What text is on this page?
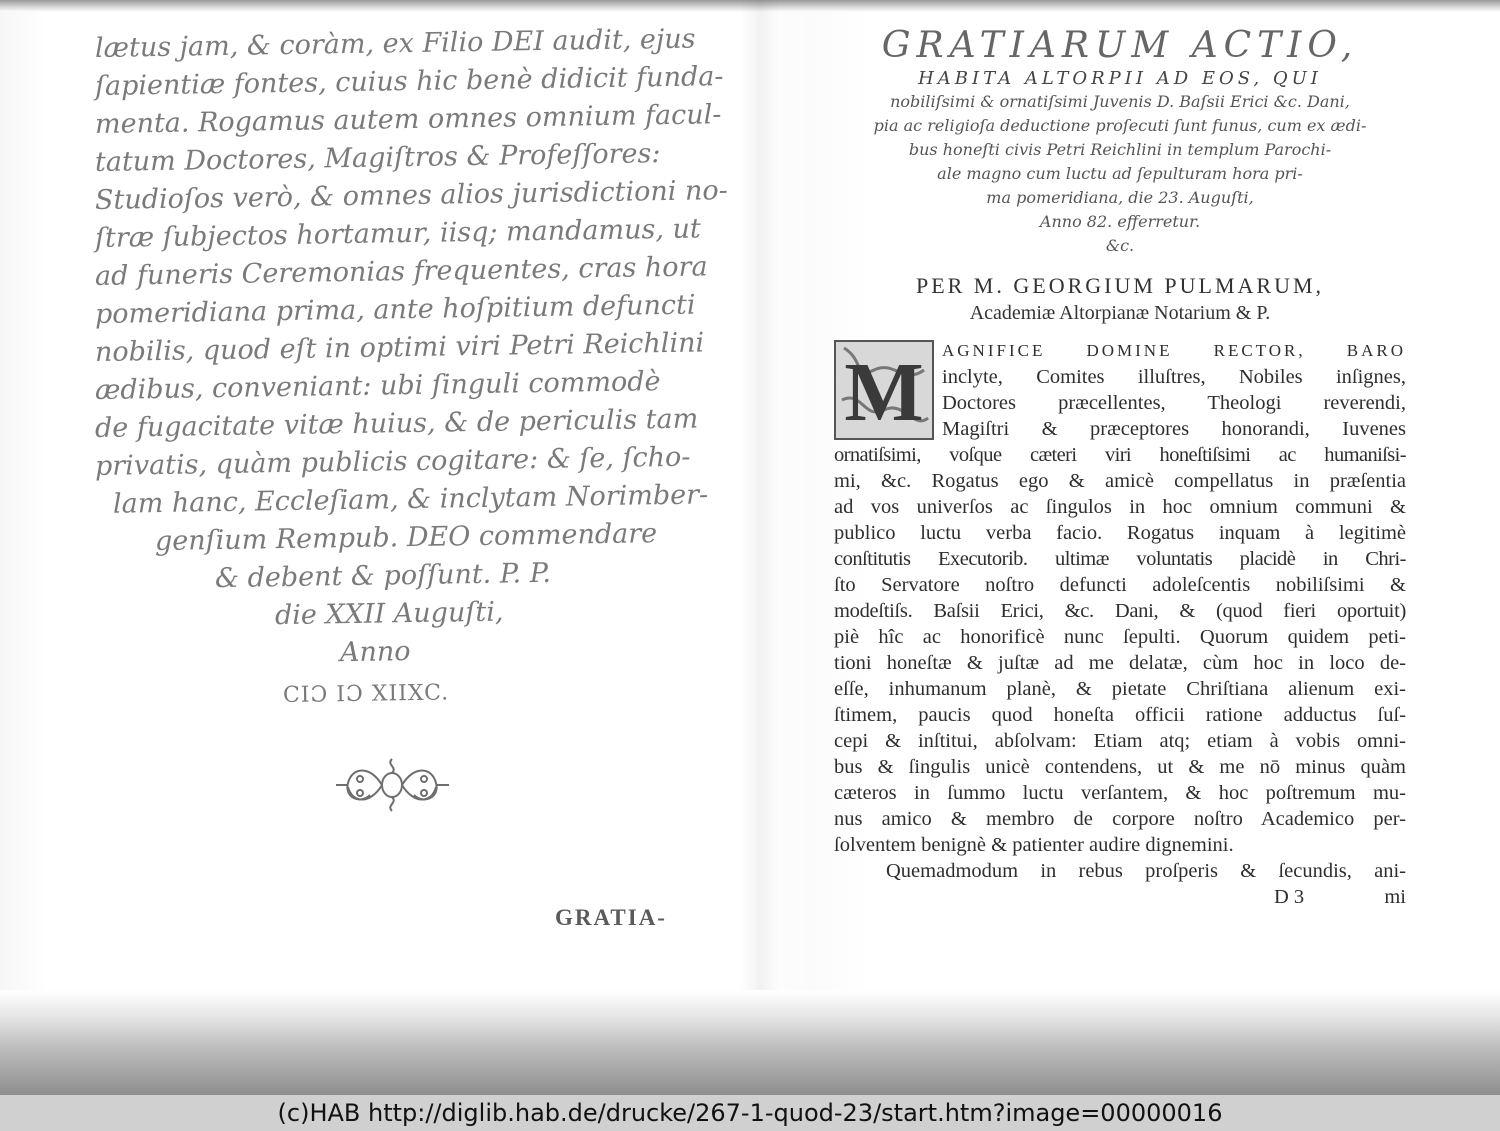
lætus jam, & coràm, ex Filio DEI audit, ejus
ſapientiæ fontes, cuius hic benè didicit funda-
menta. Rogamus autem omnes omnium facul-
tatum Doctores, Magiſtros & Profeſſores:
Studioſos verò, & omnes alios jurisdictioni no-
ſtræ ſubjectos hortamur, iisq; mandamus, ut
ad funeris Ceremonias frequentes, cras hora
pomeridiana prima, ante hoſpitium defuncti
nobilis, quod eſt in optimi viri Petri Reichlini
ædibus, conveniant: ubi ſinguli commodè
de fugacitate vitæ huius, & de periculis tam
privatis, quàm publicis cogitare: & ſe, ſcho-
lam hanc, Eccleſiam, & inclytam Norimber-
genſium Rempub. DEO commendare
& debent & poſſunt. P. P.
die XXII Auguſti,
Anno
CIƆ IƆ XIIXC.
GRATIA-
GRATIARUM ACTIO,
HABITA ALTORPII AD EOS, QUI
nobiliſsimi & ornatiſsimi Juvenis D. Baſsii Erici &c. Dani,
pia ac religioſa deductione proſecuti ſunt funus, cum ex ædi-
bus honeſti civis Petri Reichlini in templum Parochi-
ale magno cum luctu ad ſepulturam hora pri-
ma pomeridiana, die 23. Auguſti,
Anno 82. efferretur.
&c.
PER M. GEORGIUM PULMARUM,
Academiæ Altorpianæ Notarium & P.
M	AGNIFICE DOMINE RECTOR, BARO
inclyte, Comites illuſtres, Nobiles inſignes,
Doctores præcellentes, Theologi reverendi,
Magiſtri & præceptores honorandi, Iuvenes
ornatiſsimi, voſque cæteri viri honeſtiſsimi ac humaniſsi-
mi, &c. Rogatus ego & amicè compellatus in præſentia
ad vos univerſos ac ſingulos in hoc omnium communi &
publico luctu verba facio. Rogatus inquam à legitimè
conſtitutis Executorib. ultimæ voluntatis placidè in Chri-
ſto Servatore noſtro defuncti adoleſcentis nobiliſsimi &
modeſtiſs. Baſsii Erici, &c. Dani, & (quod fieri oportuit)
piè hîc ac honorificè nunc ſepulti. Quorum quidem peti-
tioni honeſtæ & juſtæ ad me delatæ, cùm hoc in loco de-
eſſe, inhumanum planè, & pietate Chriſtiana alienum exi-
ſtimem, paucis quod honeſta officii ratione adductus ſuſ-
cepi & inſtitui, abſolvam: Etiam atq; etiam à vobis omni-
bus & ſingulis unicè contendens, ut & me nō minus quàm
cæteros in ſummo luctu verſantem, & hoc poſtremum mu-
nus amico & membro de corpore noſtro Academico per-
ſolventem benignè & patienter audire dignemini.
Quemadmodum in rebus proſperis & ſecundis, ani-
D 3	mi
(c)HAB http://diglib.hab.de/drucke/267-1-quod-23/start.htm?image=00000016
